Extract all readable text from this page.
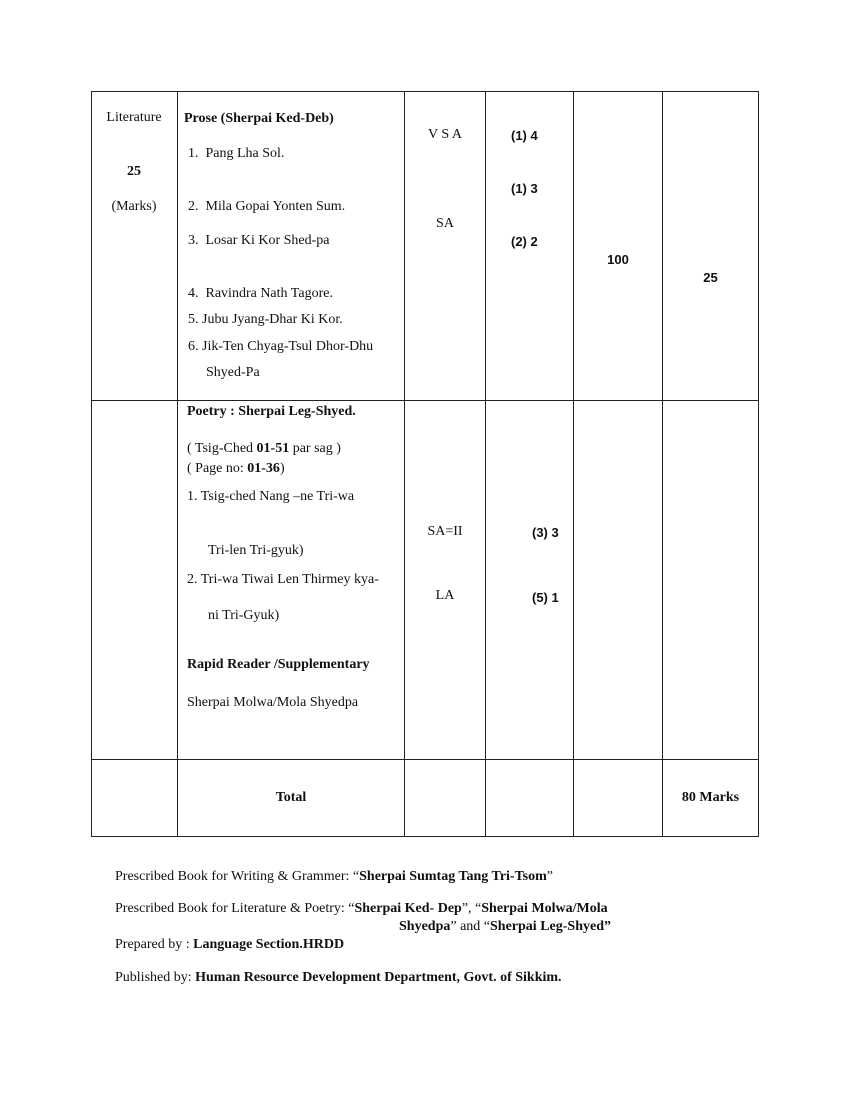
Literature
25
(Marks)
Prose (Sherpai Ked-Deb)
1. Pang Lha Sol.
2. Mila Gopai Yonten Sum.
3. Losar Ki Kor Shed-pa
4. Ravindra Nath Tagore.
5. Jubu Jyang-Dhar Ki Kor.
6. Jik-Ten Chyag-Tsul Dhor-Dhu
Shyed-Pa
V S A
SA
(1) 4
(1) 3
(2) 2
100
25
Poetry : Sherpai Leg-Shyed.
( Tsig-Ched 01-51 par sag )
( Page no: 01-36)
1. Tsig-ched Nang –ne Tri-wa
Tri-len Tri-gyuk)
2. Tri-wa Tiwai Len Thirmey kya-
ni Tri-Gyuk)
Rapid Reader /Supplementary
Sherpai Molwa/Mola Shyedpa
SA=II
LA
(3) 3
(5) 1
Total	80 Marks
Prescribed Book for Writing & Grammer: “Sherpai Sumtag Tang Tri-Tsom”
Prescribed Book for Literature & Poetry: “Sherpai Ked- Dep”, “Sherpai Molwa/Mola
Shyedpa” and “Sherpai Leg-Shyed”
Prepared by : Language Section.HRDD
Published by: Human Resource Development Department, Govt. of Sikkim.
